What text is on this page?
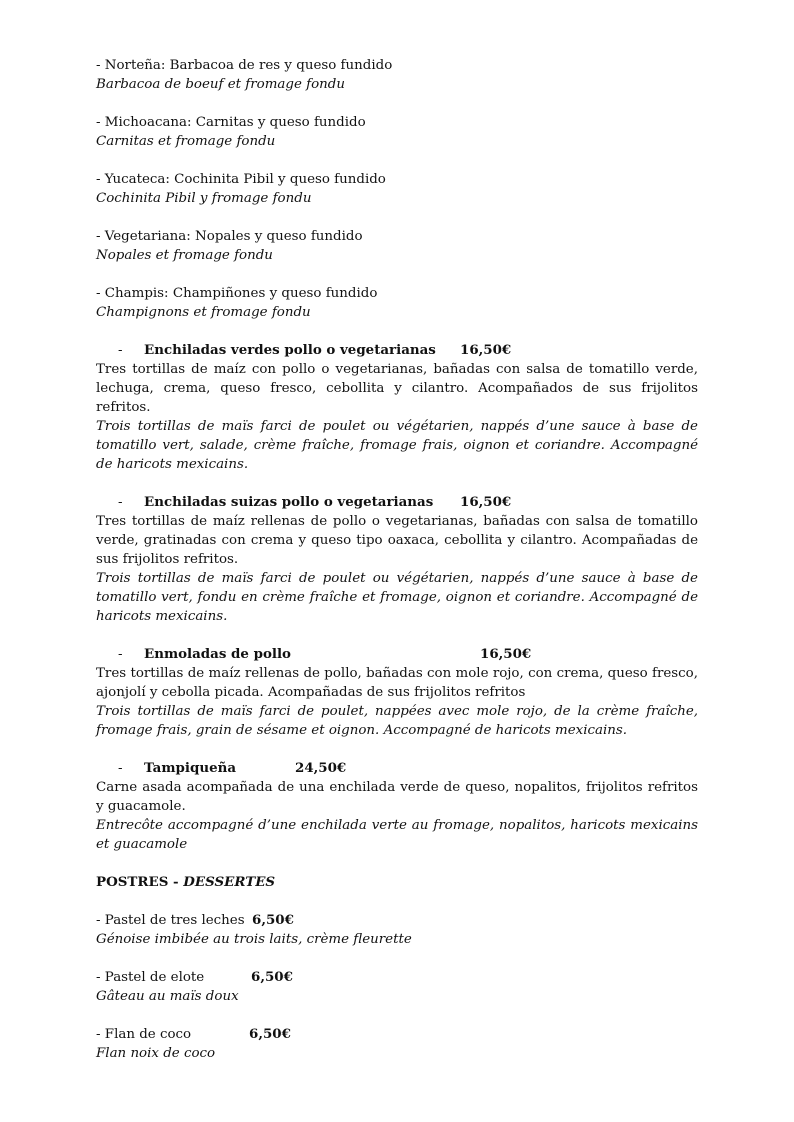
- Norteña: Barbacoa de res y queso fundido
Barbacoa de boeuf et fromage fondu
- Michoacana: Carnitas y queso fundido
Carnitas et fromage fondu
- Yucateca: Cochinita Pibil y queso fundido
Cochinita Pibil y fromage fondu
- Vegetariana: Nopales y queso fundido
Nopales et fromage fondu
- Champis: Champiñones y queso fundido
Champignons et fromage fondu
- Enchiladas verdes pollo o vegetarianas 16,50€
Tres tortillas de maíz con pollo o vegetarianas, bañadas con salsa de tomatillo verde, lechuga, crema, queso fresco, cebollita y cilantro. Acompañados de sus frijolitos refritos.
Trois tortillas de maïs farci de poulet ou végétarien, nappés d’une sauce à base de tomatillo vert, salade, crème fraîche, fromage frais, oignon et coriandre. Accompagné de haricots mexicains.
- Enchiladas suizas pollo o vegetarianas 16,50€
Tres tortillas de maíz rellenas de pollo o vegetarianas, bañadas con salsa de tomatillo verde, gratinadas con crema y queso tipo oaxaca, cebollita y cilantro. Acompañadas de sus frijolitos refritos.
Trois tortillas de maïs farci de poulet ou végétarien, nappés d’une sauce à base de tomatillo vert, fondu en crème fraîche et fromage, oignon et coriandre. Accompagné de haricots mexicains.
- Enmoladas de pollo	16,50€
Tres tortillas de maíz rellenas de pollo, bañadas con mole rojo, con crema, queso fresco, ajonjolí y cebolla picada. Acompañadas de sus frijolitos refritos
Trois tortillas de maïs farci de poulet, nappées avec mole rojo, de la crème fraîche, fromage frais, grain de sésame et oignon. Accompagné de haricots mexicains.
- Tampiqueña	24,50€
Carne asada acompañada de una enchilada verde de queso, nopalitos, frijolitos refritos y guacamole.
Entrecôte accompagné d’une enchilada verte au fromage, nopalitos, haricots mexicains et guacamole
POSTRES - DESSERTES
- Pastel de tres leches 6,50€
Génoise imbibée au trois laits, crème fleurette
- Pastel de elote	6,50€
Gâteau au maïs doux
- Flan de coco	6,50€
Flan noix de coco
